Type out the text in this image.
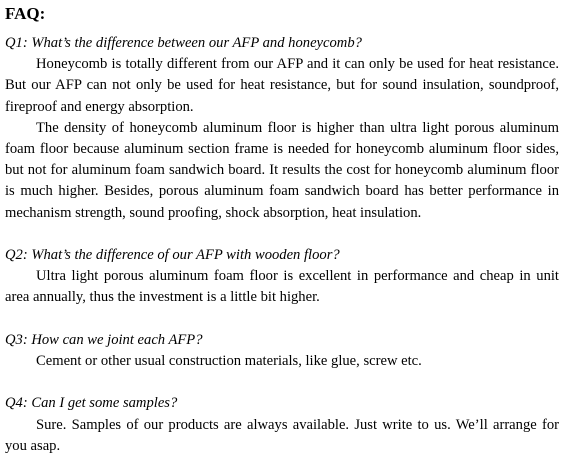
FAQ:

Q1: What’s the difference between our AFP and honeycomb?

Honeycomb is totally different from our AFP and it can only be used for heat resistance. But our AFP can not only be used for heat resistance, but for sound insulation, soundproof, fireproof and energy absorption.

The density of honeycomb aluminum floor is higher than ultra light porous aluminum foam floor because aluminum section frame is needed for honeycomb aluminum floor sides, but not for aluminum foam sandwich board. It results the cost for honeycomb aluminum floor is much higher. Besides, porous aluminum foam sandwich board has better performance in mechanism strength, sound proofing, shock absorption, heat insulation.

Q2: What’s the difference of our AFP with wooden floor?

Ultra light porous aluminum foam floor is excellent in performance and cheap in unit area annually, thus the investment is a little bit higher.

Q3: How can we joint each AFP?

Cement or other usual construction materials, like glue, screw etc.

Q4: Can I get some samples?

Sure. Samples of our products are always available. Just write to us. We’ll arrange for you asap.
